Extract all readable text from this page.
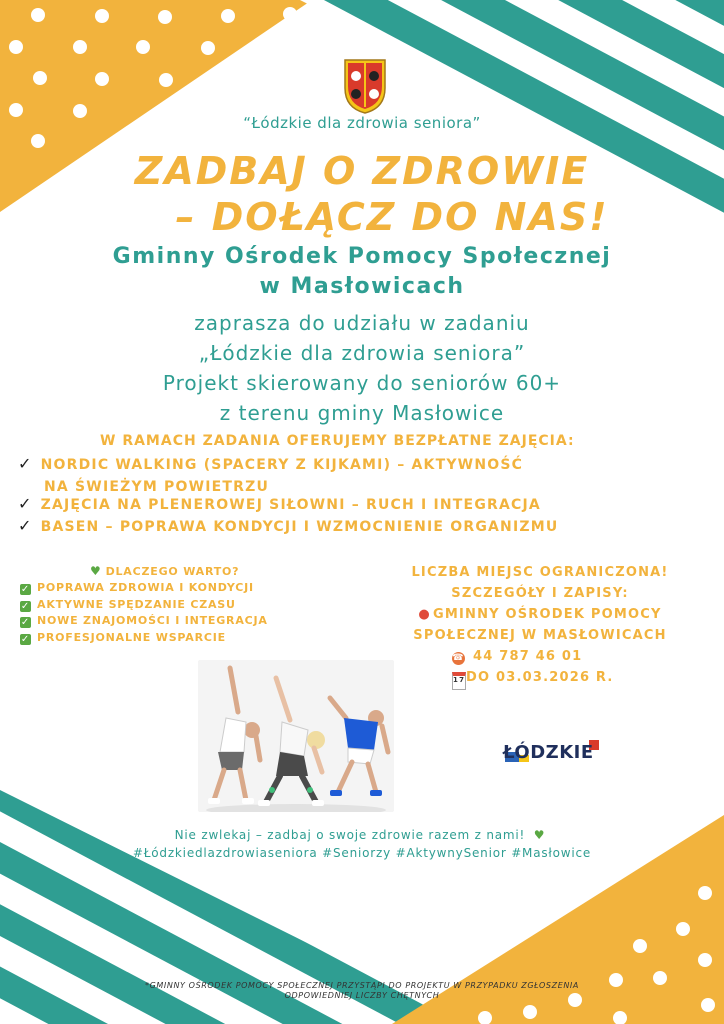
“Łódzkie dla zdrowia seniora”
ZADBAJ O ZDROWIE
– DOŁĄCZ DO NAS!
Gminny Ośrodek Pomocy Społecznej
w Masłowicach
zaprasza do udziału w zadaniu
„Łódzkie dla zdrowia seniora”
Projekt skierowany do seniorów 60+
z terenu gminy Masłowice
W RAMACH ZADANIA OFERUJEMY BEZPŁATNE ZAJĘCIA:
✓ NORDIC WALKING (SPACERY Z KIJKAMI) – AKTYWNOŚĆ
NA ŚWIEŻYM POWIETRZU
✓ ZAJĘCIA NA PLENEROWEJ SIŁOWNI – RUCH I INTEGRACJA
✓ BASEN – POPRAWA KONDYCJI I WZMOCNIENIE ORGANIZMU
♥ DLACZEGO WARTO?
✓ POPRAWA ZDROWIA I KONDYCJI
✓ AKTYWNE SPĘDZANIE CZASU
✓ NOWE ZNAJOMOŚCI I INTEGRACJA
✓ PROFESJONALNE WSPARCIE
LICZBA MIEJSC OGRANICZONA!
SZCZEGÓŁY I ZAPISY:
● GMINNY OŚRODEK POMOCY
SPOŁECZNEJ W MASŁOWICACH
☎ 44 787 46 01
17DO 03.03.2026 R.
ŁÓDZKIE
Nie zwlekaj – zadbaj o swoje zdrowie razem z nami! ♥
#Łódzkiedlazdrowiaseniora #Seniorzy #AktywnySenior #Masłowice
*GMINNY OŚRODEK POMOCY SPOŁECZNEJ PRZYSTĄPI DO PROJEKTU W PRZYPADKU ZGŁOSZENIA
ODPOWIEDNIEJ LICZBY CHĘTNYCH
